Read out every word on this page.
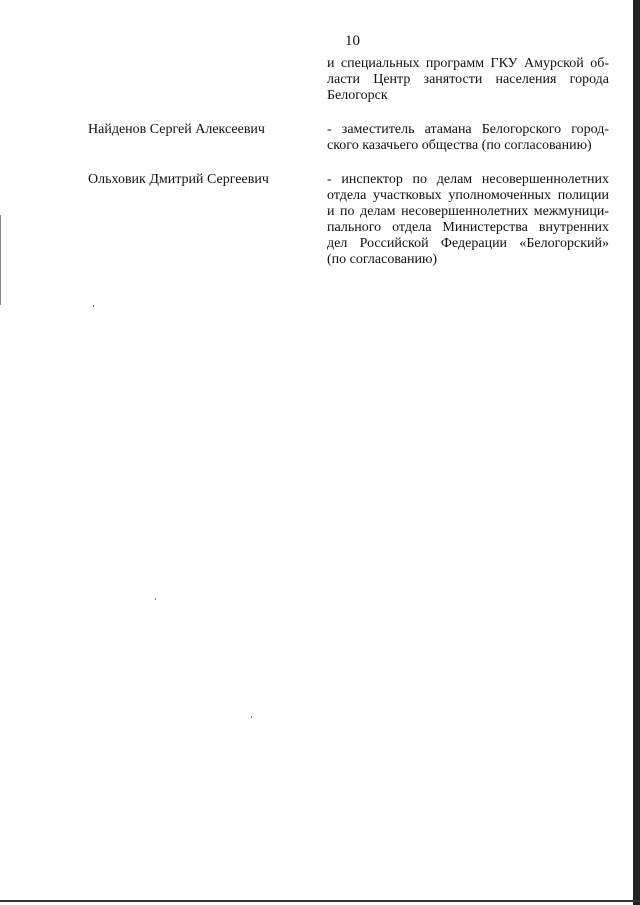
10
и специальных программ ГКУ Амурской об-
ласти Центр занятости населения города
Белогорск
Найденов Сергей Алексеевич	- заместитель атамана Белогорского город-
ского казачьего общества (по согласованию)
Ольховик Дмитрий Сергеевич	- инспектор по делам несовершеннолетних
отдела участковых уполномоченных полиции
и по делам несовершеннолетних межмуници-
пального отдела Министерства внутренних
дел Российской Федерации «Белогорский»
(по согласованию)
